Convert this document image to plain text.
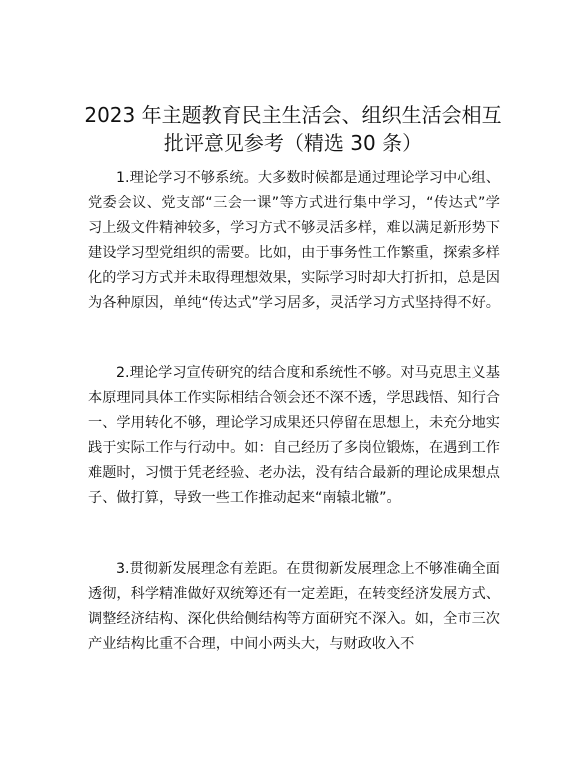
2023 年主题教育民主生活会、组织生活会相互
批评意见参考（精选 30 条）

1.理论学习不够系统。大多数时候都是通过理论学习中心组、党委会议、党支部“三会一课”等方式进行集中学习，“传达式”学习上级文件精神较多，学习方式不够灵活多样，难以满足新形势下建设学习型党组织的需要。比如，由于事务性工作繁重，探索多样化的学习方式并未取得理想效果，实际学习时却大打折扣，总是因为各种原因，单纯“传达式”学习居多，灵活学习方式坚持得不好。

2.理论学习宣传研究的结合度和系统性不够。对马克思主义基本原理同具体工作实际相结合领会还不深不透，学思践悟、知行合一、学用转化不够，理论学习成果还只停留在思想上，未充分地实践于实际工作与行动中。如：自己经历了多岗位锻炼，在遇到工作难题时，习惯于凭老经验、老办法，没有结合最新的理论成果想点子、做打算，导致一些工作推动起来“南辕北辙”。

3.贯彻新发展理念有差距。在贯彻新发展理念上不够准确全面透彻，科学精准做好双统筹还有一定差距，在转变经济发展方式、调整经济结构、深化供给侧结构等方面研究不深入。如，全市三次产业结构比重不合理，中间小两头大，与财政收入不
